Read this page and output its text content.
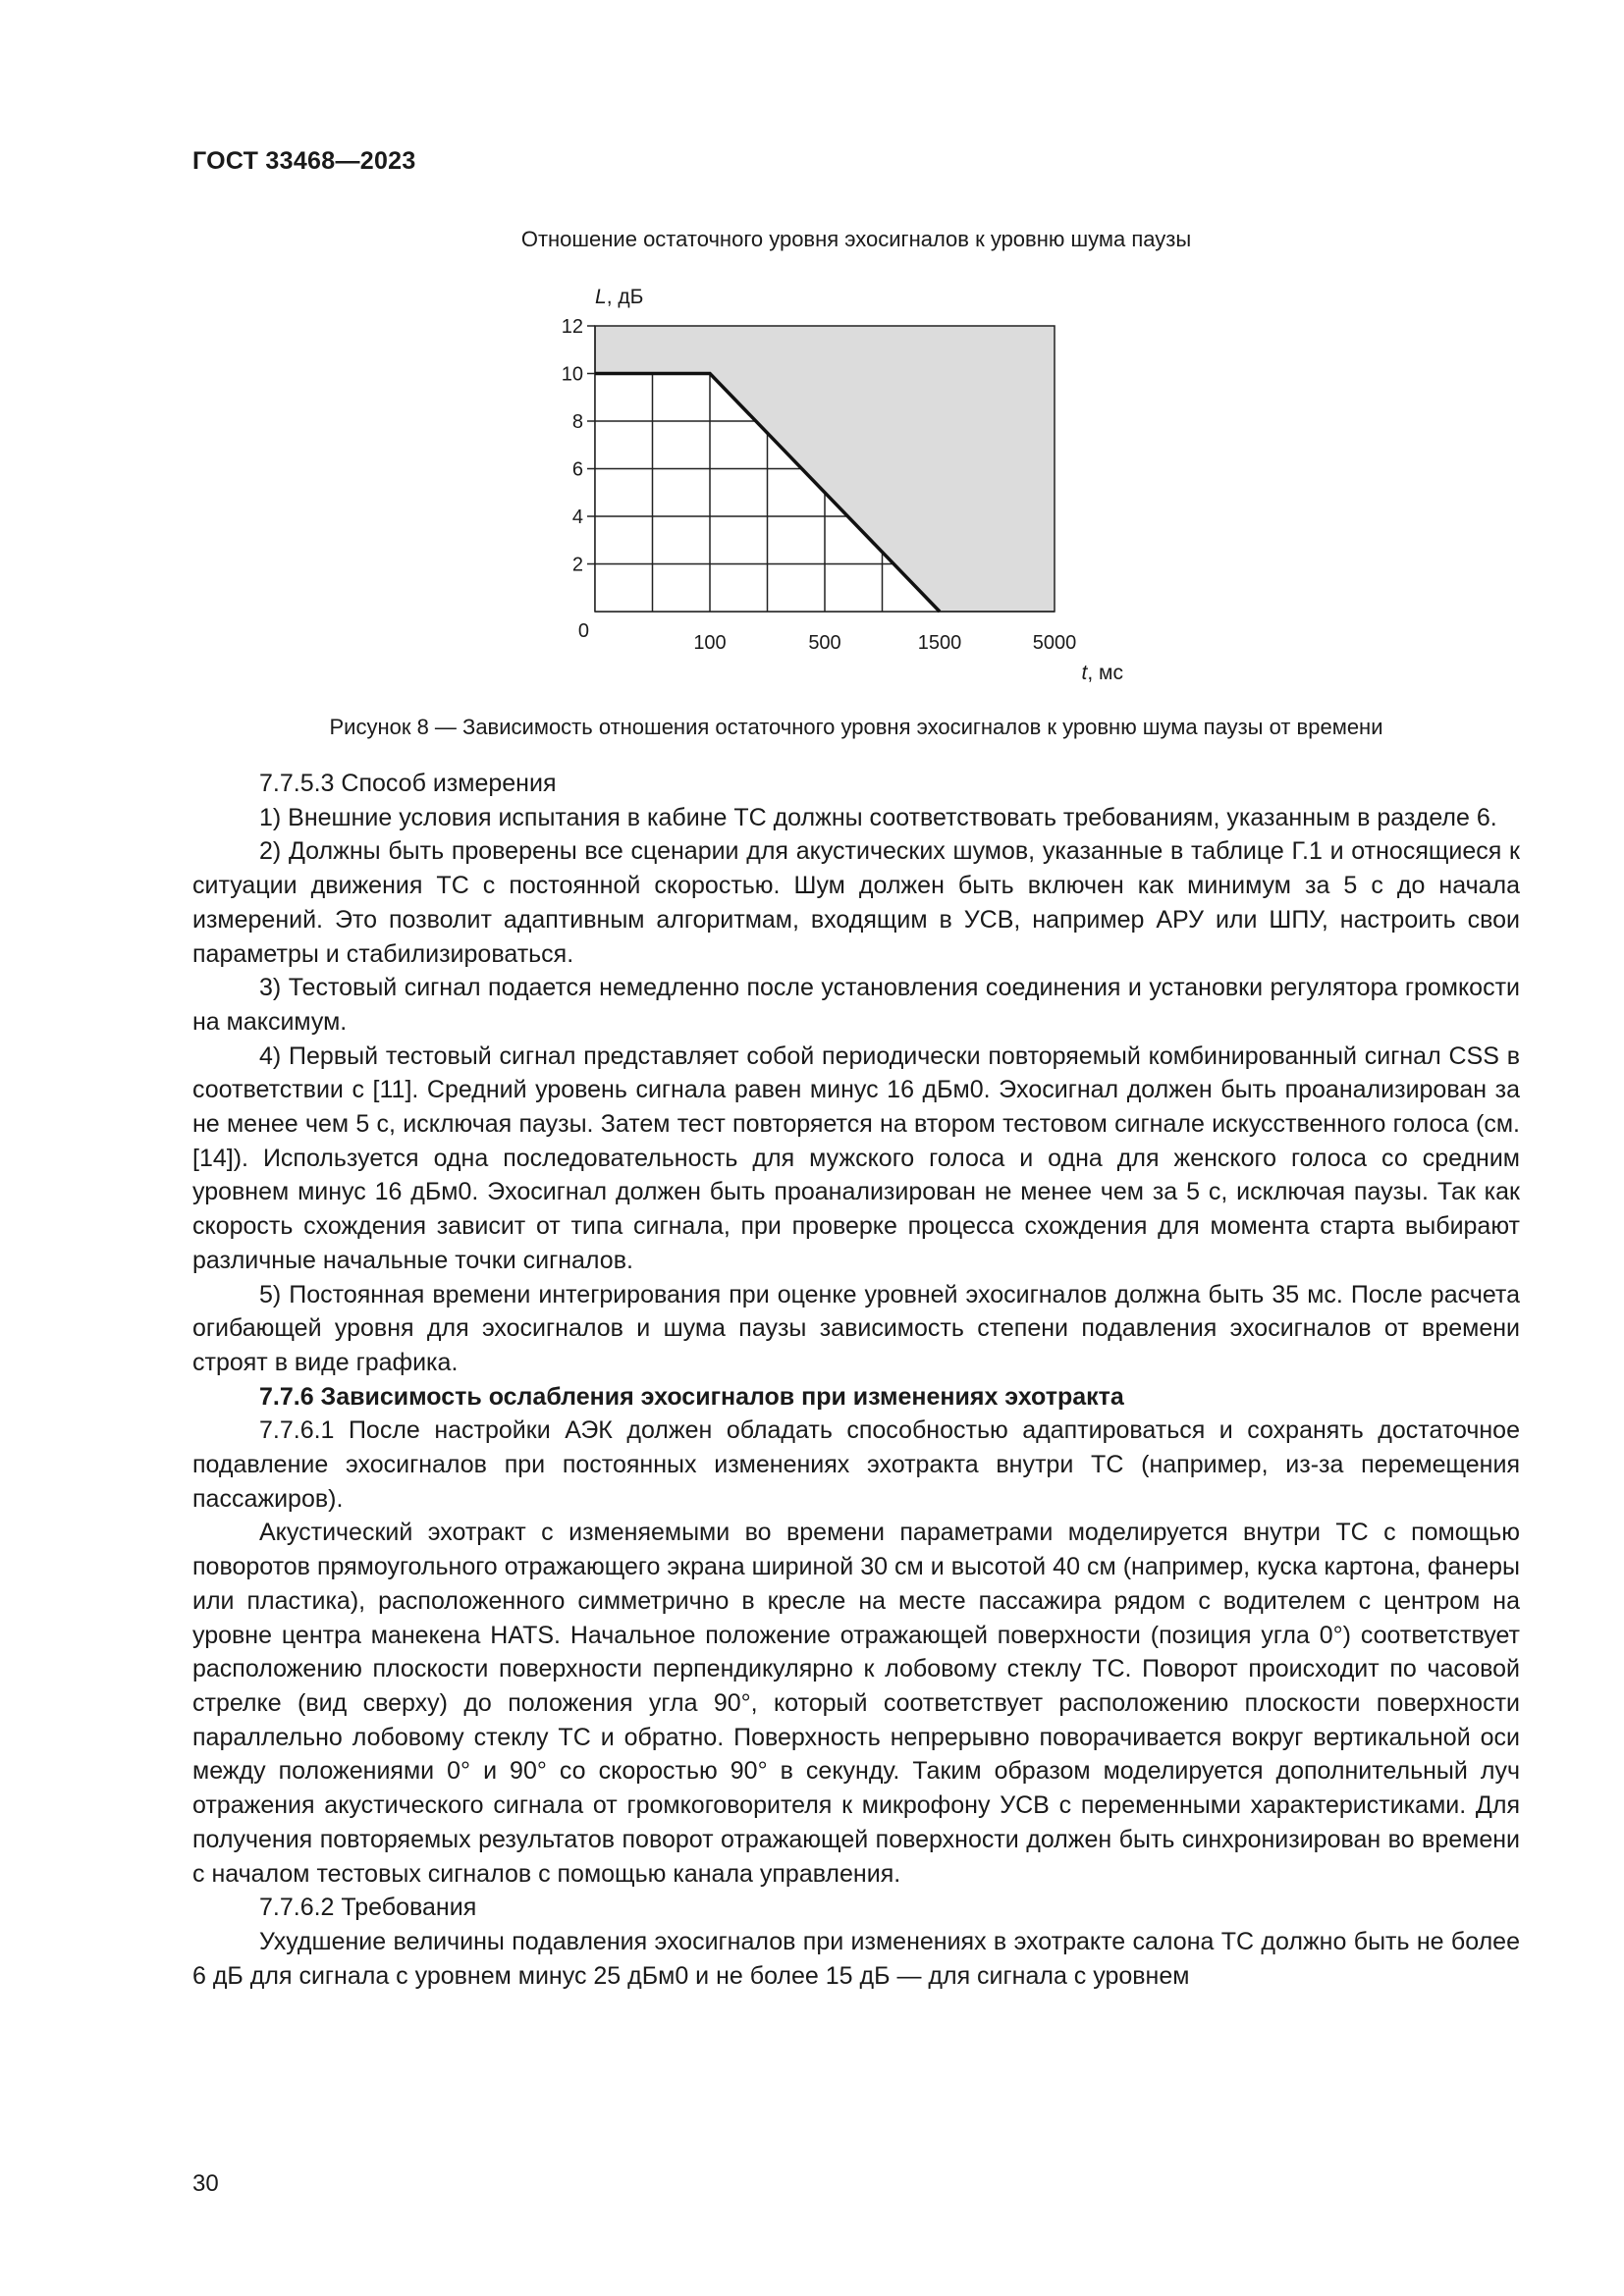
ГОСТ 33468—2023
Отношение остаточного уровня эхосигналов к уровню шума паузы
0
2
4
6
8
10
12
100	500	1500	5000
L, дБ
t, мс
Рисунок 8 — Зависимость отношения остаточного уровня эхосигналов к уровню шума паузы от времени

7.7.5.3 Способ измерения

1) Внешние условия испытания в кабине ТС должны соответствовать требованиям, указанным в разделе 6.

2) Должны быть проверены все сценарии для акустических шумов, указанные в таблице Г.1 и относящиеся к ситуации движения ТС с постоянной скоростью. Шум должен быть включен как минимум за 5 с до начала измерений. Это позволит адаптивным алгоритмам, входящим в УСВ, например АРУ или ШПУ, настроить свои параметры и стабилизироваться.

3) Тестовый сигнал подается немедленно после установления соединения и установки регулятора громкости на максимум.

4) Первый тестовый сигнал представляет собой периодически повторяемый комбинированный сигнал CSS в соответствии с [11]. Средний уровень сигнала равен минус 16 дБм0. Эхосигнал должен быть проанализирован за не менее чем 5 с, исключая паузы. Затем тест повторяется на втором тестовом сигнале искусственного голоса (см. [14]). Используется одна последовательность для мужского голоса и одна для женского голоса со средним уровнем минус 16 дБм0. Эхосигнал должен быть проанализирован не менее чем за 5 с, исключая паузы. Так как скорость схождения зависит от типа сигнала, при проверке процесса схождения для момента старта выбирают различные начальные точки сигналов.

5) Постоянная времени интегрирования при оценке уровней эхосигналов должна быть 35 мс. После расчета огибающей уровня для эхосигналов и шума паузы зависимость степени подавления эхосигналов от времени строят в виде графика.

7.7.6 Зависимость ослабления эхосигналов при изменениях эхотракта

7.7.6.1 После настройки АЭК должен обладать способностью адаптироваться и сохранять достаточное подавление эхосигналов при постоянных изменениях эхотракта внутри ТС (например, из-за перемещения пассажиров).

Акустический эхотракт с изменяемыми во времени параметрами моделируется внутри ТС с помощью поворотов прямоугольного отражающего экрана шириной 30 см и высотой 40 см (например, куска картона, фанеры или пластика), расположенного симметрично в кресле на месте пассажира рядом с водителем с центром на уровне центра манекена HATS. Начальное положение отражающей поверхности (позиция угла 0°) соответствует расположению плоскости поверхности перпендикулярно к лобовому стеклу ТС. Поворот происходит по часовой стрелке (вид сверху) до положения угла 90°, который соответствует расположению плоскости поверхности параллельно лобовому стеклу ТС и обратно. Поверхность непрерывно поворачивается вокруг вертикальной оси между положениями 0° и 90° со скоростью 90° в секунду. Таким образом моделируется дополнительный луч отражения акустического сигнала от громкоговорителя к микрофону УСВ с переменными характеристиками. Для получения повторяемых результатов поворот отражающей поверхности должен быть синхронизирован во времени с началом тестовых сигналов с помощью канала управления.

7.7.6.2 Требования

Ухудшение величины подавления эхосигналов при изменениях в эхотракте салона ТС должно быть не более 6 дБ для сигнала с уровнем минус 25 дБм0 и не более 15 дБ — для сигнала с уровнем

30
